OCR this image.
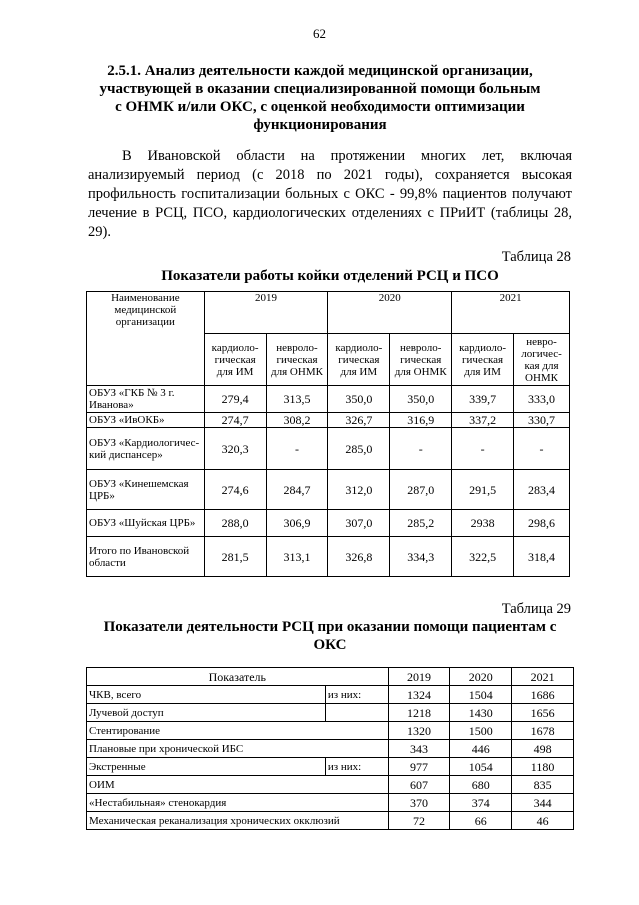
62
2.5.1. Анализ деятельности каждой медицинской организации, участвующей в оказании специализированной помощи больным с ОНМК и/или ОКС, с оценкой необходимости оптимизации функционирования

В Ивановской области на протяжении многих лет, включая анализируемый период (с 2018 по 2021 годы), сохраняется высокая профильность госпитализации больных с ОКС - 99,8% пациентов получают лечение в РСЦ, ПСО, кардиологических отделениях с ПРиИТ (таблицы 28, 29).

Таблица 28
Показатели работы койки отделений РСЦ и ПСО
Наименование медицинской организации	2019		2020		2021	
	кардиоло-гическая для ИМ	невроло-гическая для ОНМК	кардиоло-гическая для ИМ	невроло-гическая для ОНМК	кардиоло-гическая для ИМ	невро-логичес-кая для ОНМК
ОБУЗ «ГКБ № 3 г. Иванова»	279,4	313,5	350,0	350,0	339,7	333,0
ОБУЗ «ИвОКБ»	274,7	308,2	326,7	316,9	337,2	330,7
ОБУЗ «Кардиологичес-кий диспансер»	320,3	-	285,0	-	-	-
ОБУЗ «Кинешемская ЦРБ»	274,6	284,7	312,0	287,0	291,5	283,4
ОБУЗ «Шуйская ЦРБ»	288,0	306,9	307,0	285,2	2938	298,6
Итого по Ивановской области	281,5	313,1	326,8	334,3	322,5	318,4
Таблица 29
Показатели деятельности РСЦ при оказании помощи пациентам с ОКС
Показатель		2019	2020	2021
ЧКВ, всего	из них:	1324	1504	1686
Лучевой доступ		1218	1430	1656
Стентирование		1320	1500	1678
Плановые при хронической ИБС		343	446	498
Экстренные	из них:	977	1054	1180
ОИМ		607	680	835
«Нестабильная» стенокардия		370	374	344
Механическая реканализация хронических окклюзий		72	66	46
